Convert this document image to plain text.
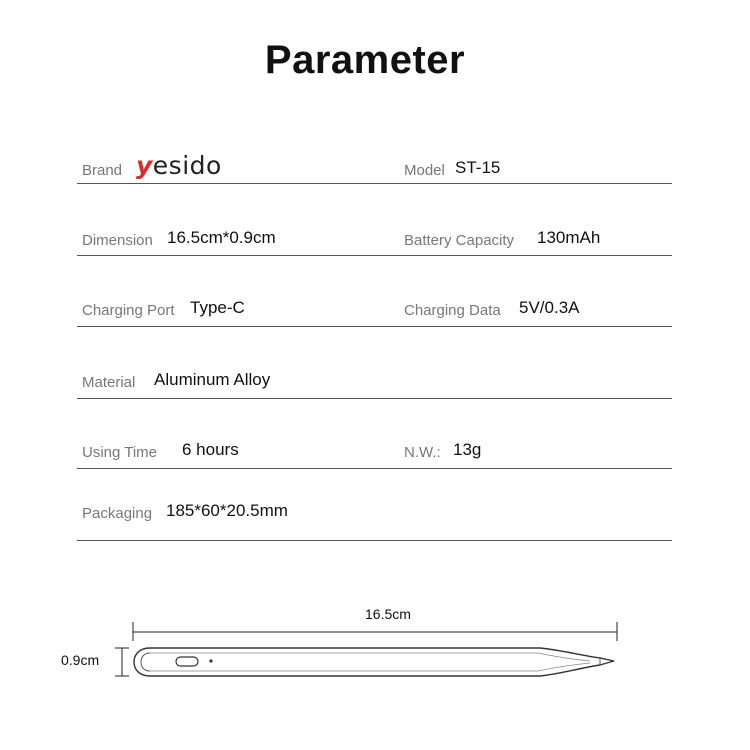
Parameter
Brand yesido	Model ST-15
Dimension 16.5cm*0.9cm	Battery Capacity 130mAh
Charging Port Type-C	Charging Data 5V/0.3A
Material Aluminum Alloy
Using Time 6 hours	N.W.: 13g
Packaging 185*60*20.5mm
16.5cm
0.9cm
